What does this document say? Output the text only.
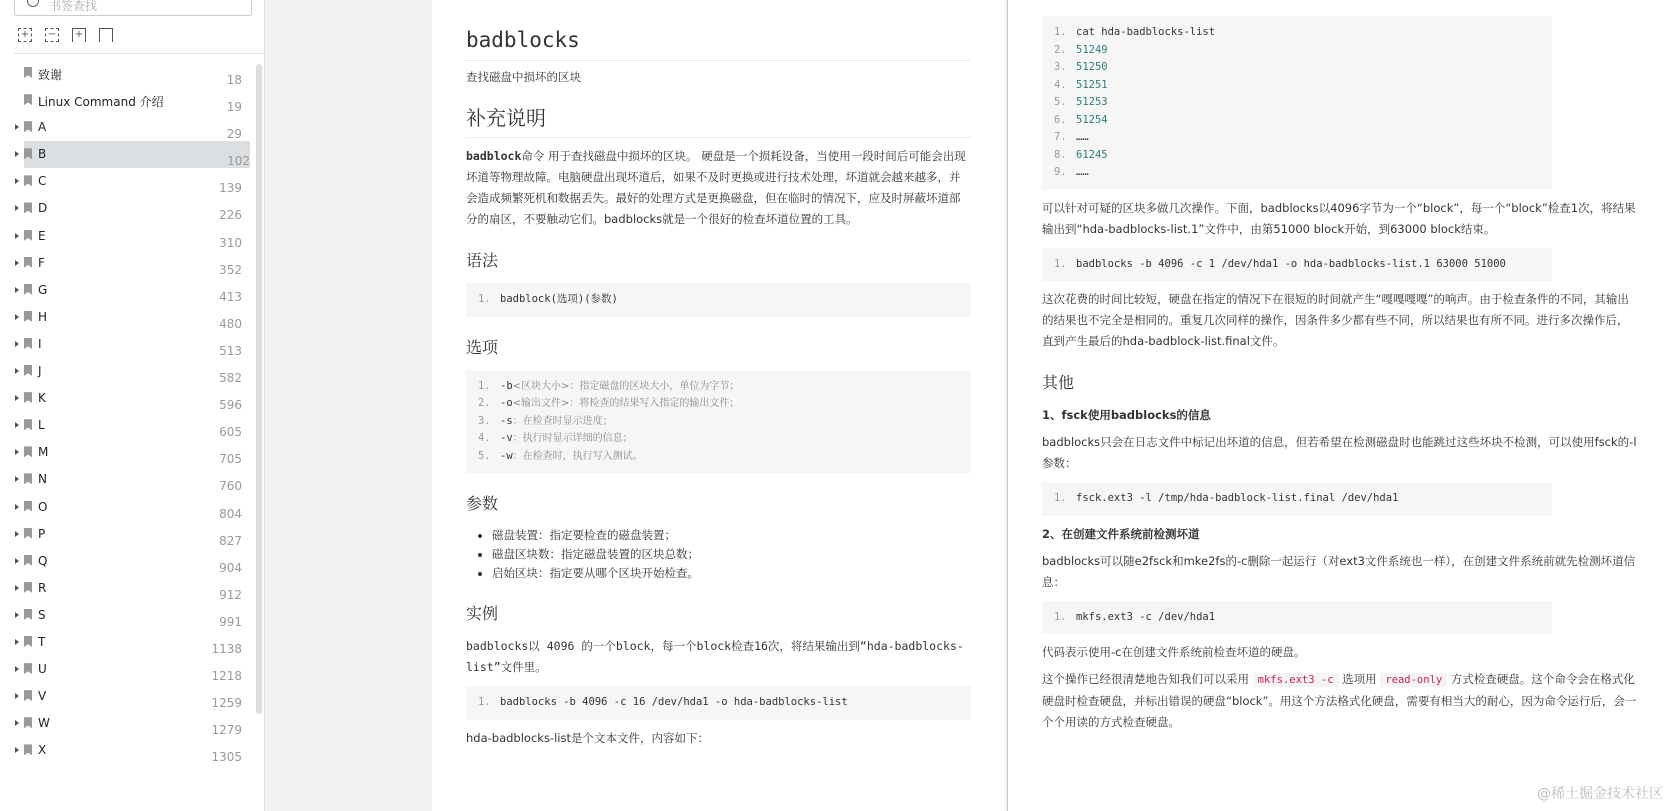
书签查找
+ − +
致谢	18
Linux Command 介绍	19
A	29
B	102
C	139
D	226
E	310
F	352
G	413
H	480
I	513
J	582
K	596
L	605
M	705
N	760
O	804
P	827
Q	904
R	912
S	991
T	1138
U	1218
V	1259
W	1279
X	1305
badblocks

查找磁盘中损坏的区块

补充说明

badblock命令 用于查找磁盘中损坏的区块。 硬盘是一个损耗设备，当使用一段时间后可能会出现坏道等物理故障。电脑硬盘出现坏道后，如果不及时更换或进行技术处理，坏道就会越来越多，并会造成频繁死机和数据丢失。最好的处理方式是更换磁盘，但在临时的情况下，应及时屏蔽坏道部分的扇区，不要触动它们。badblocks就是一个很好的检查坏道位置的工具。

语法
1. badblock(选项)(参数)
选项
1. -b<区块大小>：指定磁盘的区块大小，单位为字节；
2. -o<输出文件>：将检查的结果写入指定的输出文件；
3. -s：在检查时显示进度；
4. -v：执行时显示详细的信息；
5. -w：在检查时，执行写入测试。
参数
• 磁盘装置：指定要检查的磁盘装置；
• 磁盘区块数：指定磁盘装置的区块总数；
• 启始区块：指定要从哪个区块开始检查。
实例

badblocks以 4096 的一个block，每一个block检查16次，将结果输出到“hda-badblocks-list”文件里。

1. badblocks -b 4096 -c 16 /dev/hda1 -o hda-badblocks-list

hda-badblocks-list是个文本文件，内容如下：

1. cat hda-badblocks-list
2. 51249
3. 51250
4. 51251
5. 51253
6. 51254
7. ……
8. 61245
9. ……

可以针对可疑的区块多做几次操作。下面，badblocks以4096字节为一个“block”，每一个“block”检查1次，将结果输出到“hda-badblocks-list.1”文件中，由第51000 block开始，到63000 block结束。

1. badblocks -b 4096 -c 1 /dev/hda1 -o hda-badblocks-list.1 63000 51000

这次花费的时间比较短，硬盘在指定的情况下在很短的时间就产生“嘎嘎嘎嘎”的响声。由于检查条件的不同，其输出的结果也不完全是相同的。重复几次同样的操作，因条件多少都有些不同，所以结果也有所不同。进行多次操作后，直到产生最后的hda-badblock-list.final文件。

其他

1、fsck使用badblocks的信息

badblocks只会在日志文件中标记出坏道的信息，但若希望在检测磁盘时也能跳过这些坏块不检测，可以使用fsck的-l参数：

1. fsck.ext3 -l /tmp/hda-badblock-list.final /dev/hda1

2、在创建文件系统前检测坏道

badblocks可以随e2fsck和mke2fs的-c删除一起运行（对ext3文件系统也一样），在创建文件系统前就先检测坏道信息：

1. mkfs.ext3 -c /dev/hda1

代码表示使用-c在创建文件系统前检查坏道的硬盘。

这个操作已经很清楚地告知我们可以采用 mkfs.ext3 -c 选项用 read-only 方式检查硬盘。这个命令会在格式化硬盘时检查硬盘，并标出错误的硬盘“block”。用这个方法格式化硬盘，需要有相当大的耐心，因为命令运行后，会一个个用读的方式检查硬盘。

@稀土掘金技术社区
